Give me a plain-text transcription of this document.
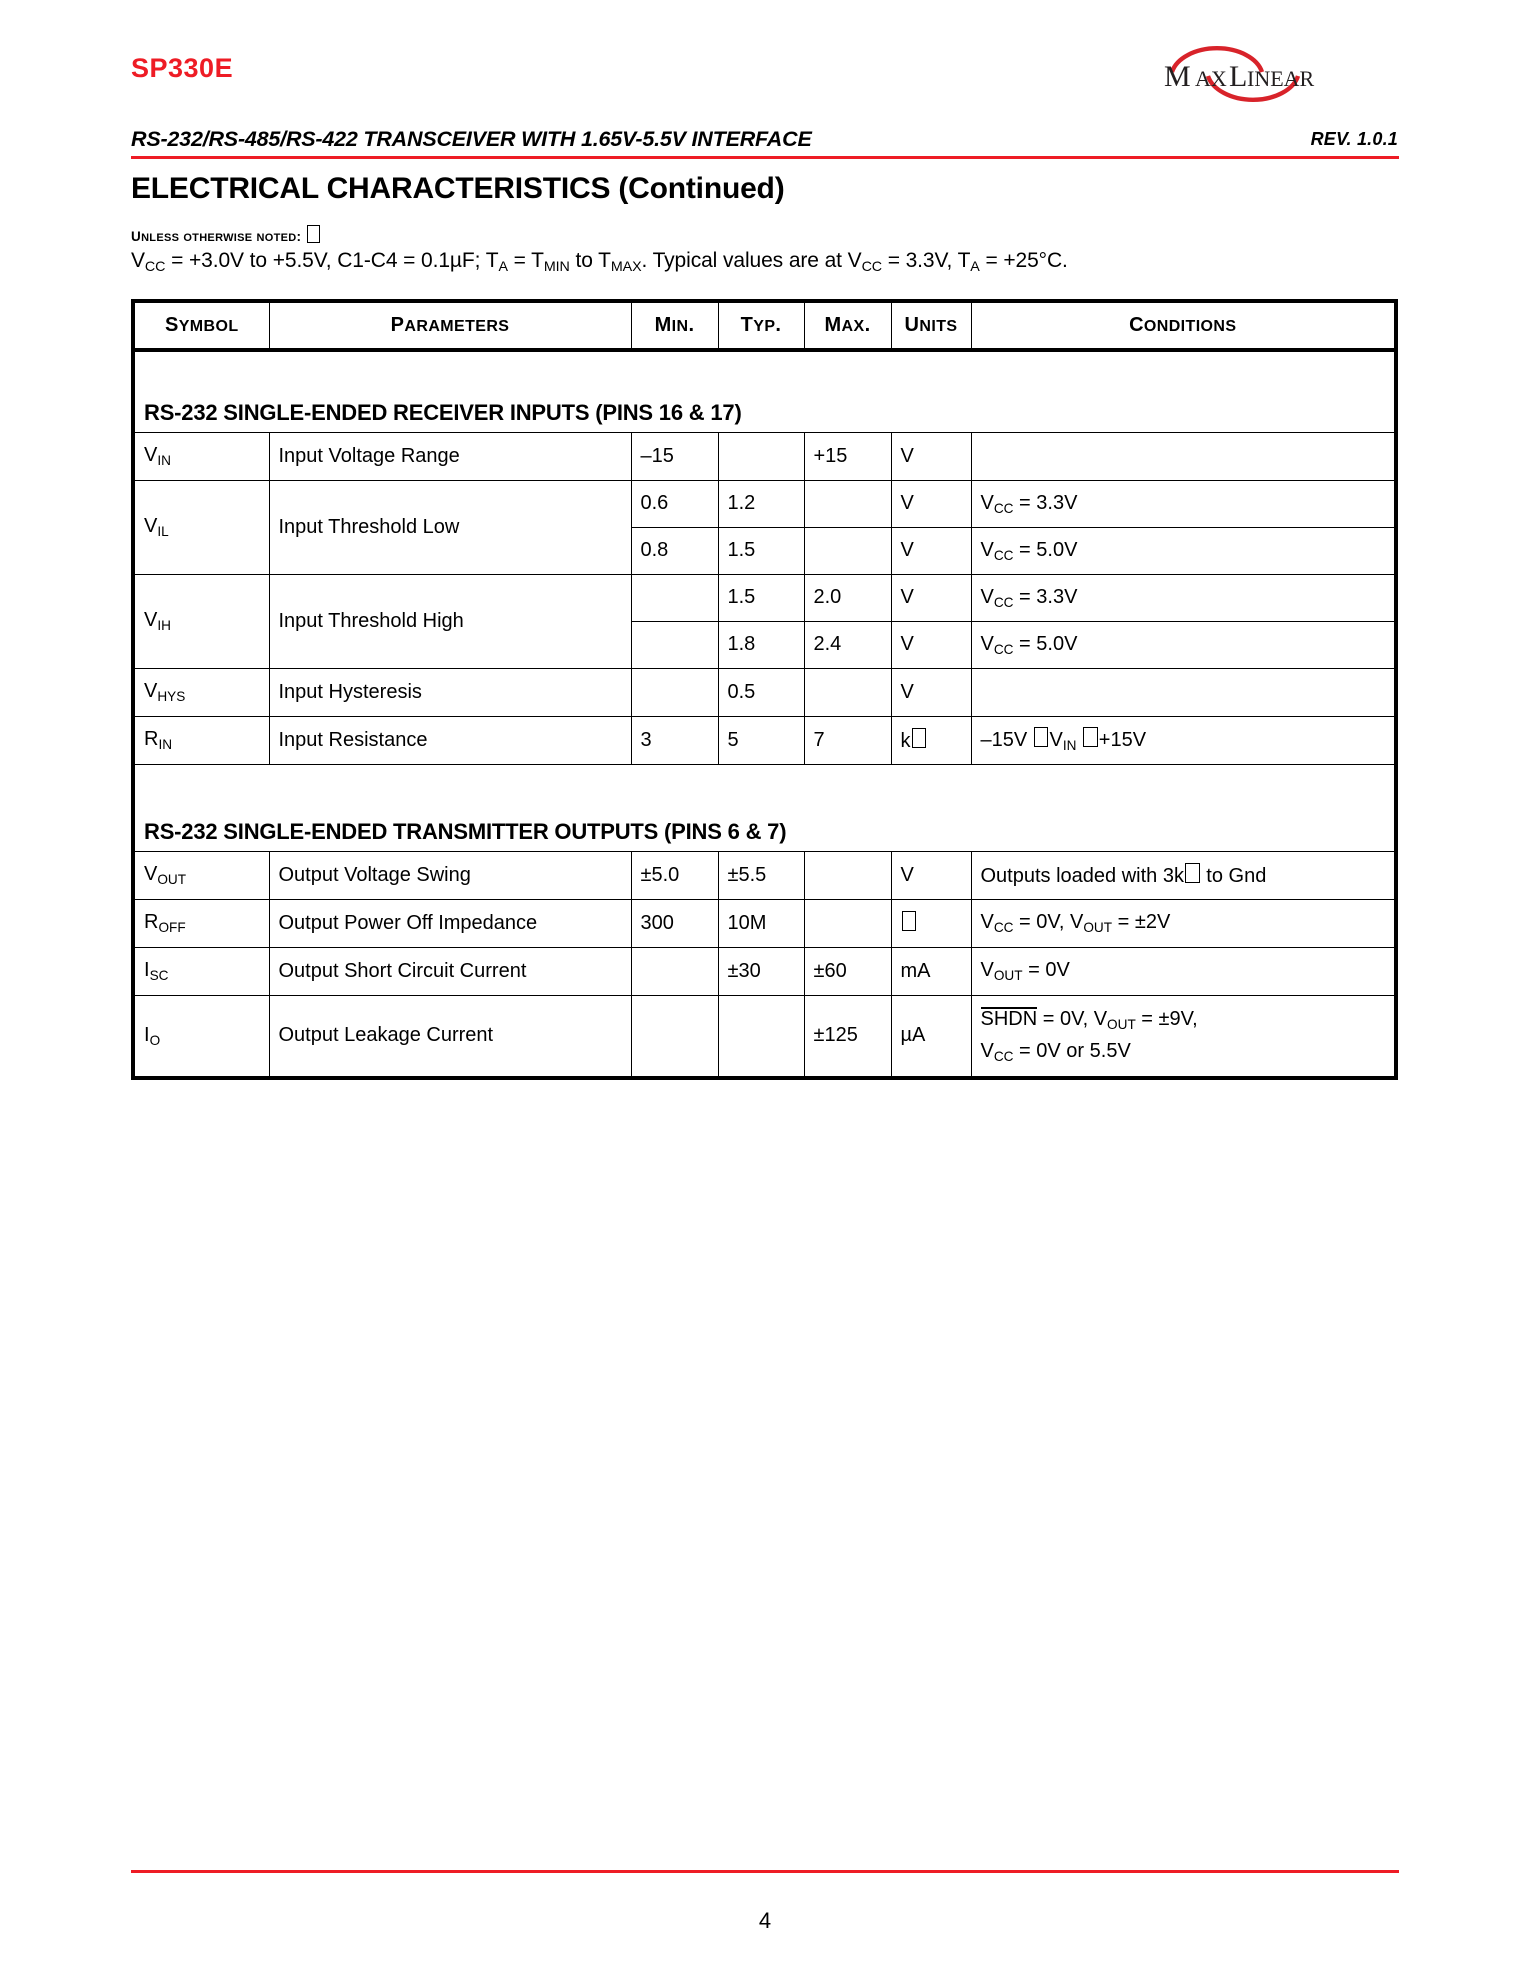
SP330E	M AX L INEAR
RS-232/RS-485/RS-422 TRANSCEIVER WITH 1.65V-5.5V INTERFACE	REV. 1.0.1
ELECTRICAL CHARACTERISTICS (Continued)
UNLESS OTHERWISE NOTED:
$V_{CC} = +3.0V$ to +5.5V, C1-C4 = 0.1µF; $T_A = T_{MIN}$ to $T_{MAX}$. Typical values are at $V_{CC} = 3.3V$, $T_A = +25^\circ C$.
SYMBOL	PARAMETERS	MIN.	TYP.	MAX.	UNITS	CONDITIONS
RS-232 SINGLE-ENDED RECEIVER INPUTS (PINS 16 & 17)						
$V_{IN}$	Input Voltage Range	–15		+15	V	
$V_{IL}$	Input Threshold Low	0.6	1.2		V	$V_{CC} = 3.3V$
		0.8	1.5		V	$V_{CC} = 5.0V$
$V_{IH}$	Input Threshold High		1.5	2.0	V	$V_{CC} = 3.3V$
			1.8	2.4	V	$V_{CC} = 5.0V$
$V_{HYS}$	Input Hysteresis		0.5		V	
$R_{IN}$	Input Resistance	3	5	7	k	–15V $V_{IN} +15V$
RS-232 SINGLE-ENDED TRANSMITTER OUTPUTS (PINS 6 & 7)						
$V_{OUT}$	Output Voltage Swing	±5.0	±5.5		V	Outputs loaded with 3k to Gnd
$R_{OFF}$	Output Power Off Impedance	300	10M			$V_{CC} = 0V$, $V_{OUT} = \pm 2V$
$I_{SC}$	Output Short Circuit Current		±30	±60	mA	$V_{OUT} = 0V$
$I_O$	Output Leakage Current			±125	µA	SHDN = 0V, $V_{OUT} = \pm 9V$,
$V_{CC} = 0V$ or 5.5V
4
